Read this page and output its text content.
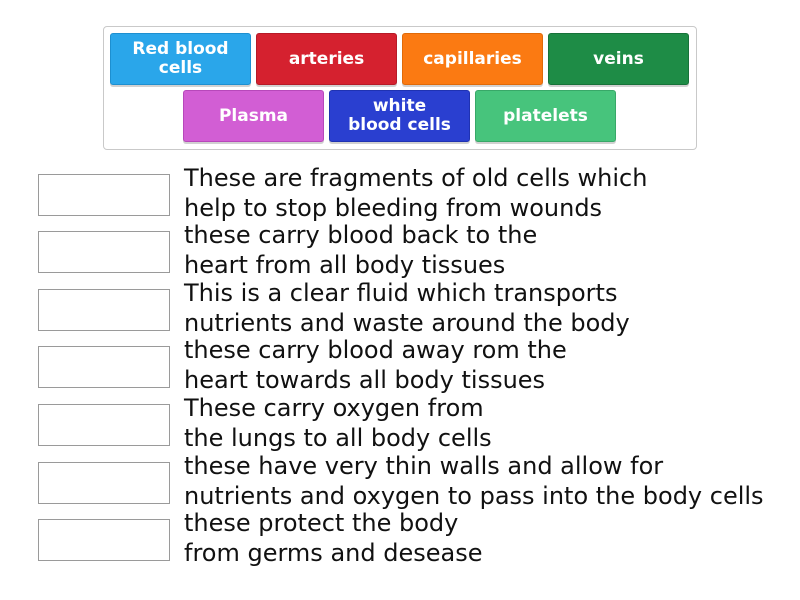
Red blood
cells	arteries	capillaries	veins
Plasma	white
blood cells	platelets
These are fragments of old cells which
help to stop bleeding from wounds
these carry blood back to the
heart from all body tissues
This is a clear fluid which transports
nutrients and waste around the body
these carry blood away rom the
heart towards all body tissues
These carry oxygen from
the lungs to all body cells
these have very thin walls and allow for
nutrients and oxygen to pass into the body cells
these protect the body
from germs and desease
